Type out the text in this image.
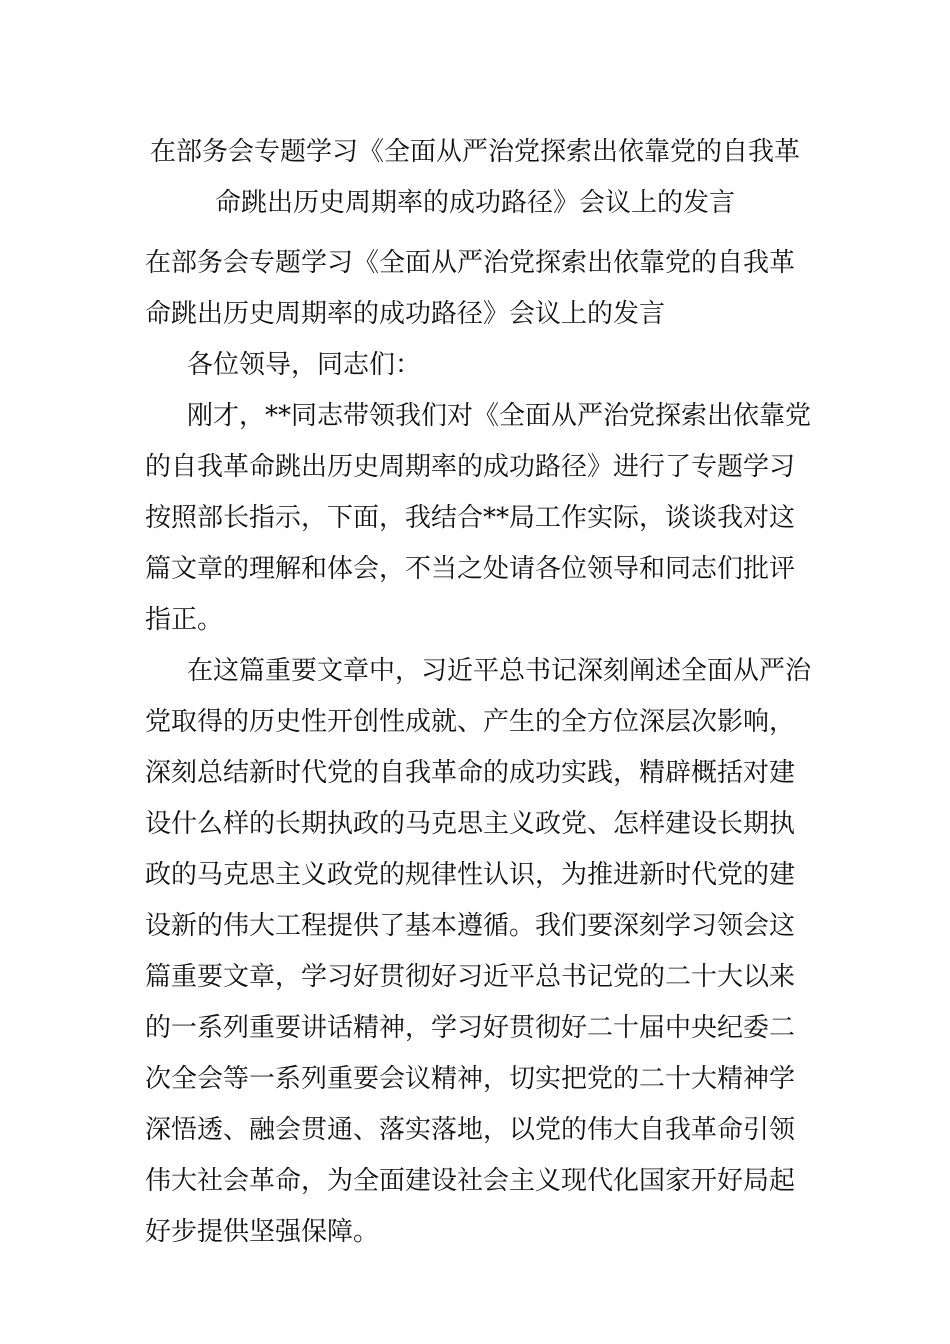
在部务会专题学习《全面从严治党探索出依靠党的自我革
命跳出历史周期率的成功路径》会议上的发言

在部务会专题学习《全面从严治党探索出依靠党的自我革
命跳出历史周期率的成功路径》会议上的发言

各位领导，同志们：

刚才，**同志带领我们对《全面从严治党探索出依靠党
的自我革命跳出历史周期率的成功路径》进行了专题学习
按照部长指示，下面，我结合**局工作实际，谈谈我对这
篇文章的理解和体会，不当之处请各位领导和同志们批评
指正。

在这篇重要文章中，习近平总书记深刻阐述全面从严治
党取得的历史性开创性成就、产生的全方位深层次影响，
深刻总结新时代党的自我革命的成功实践，精辟概括对建
设什么样的长期执政的马克思主义政党、怎样建设长期执
政的马克思主义政党的规律性认识，为推进新时代党的建
设新的伟大工程提供了基本遵循。我们要深刻学习领会这
篇重要文章，学习好贯彻好习近平总书记党的二十大以来
的一系列重要讲话精神，学习好贯彻好二十届中央纪委二
次全会等一系列重要会议精神，切实把党的二十大精神学
深悟透、融会贯通、落实落地，以党的伟大自我革命引领
伟大社会革命，为全面建设社会主义现代化国家开好局起
好步提供坚强保障。
